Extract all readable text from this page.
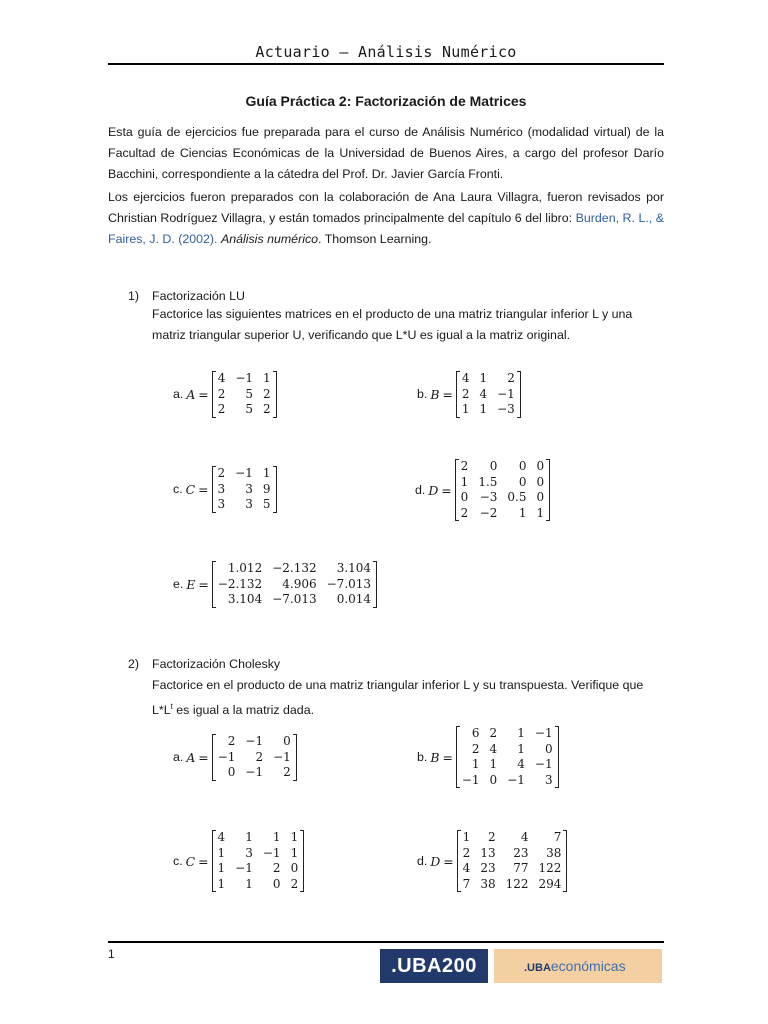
Actuario – Análisis Numérico
Guía Práctica 2: Factorización de Matrices
Esta guía de ejercicios fue preparada para el curso de Análisis Numérico (modalidad virtual) de la Facultad de Ciencias Económicas de la Universidad de Buenos Aires, a cargo del profesor Darío Bacchini, correspondiente a la cátedra del Prof. Dr. Javier García Fronti.
Los ejercicios fueron preparados con la colaboración de Ana Laura Villagra, fueron revisados por Christian Rodríguez Villagra, y están tomados principalmente del capítulo 6 del libro: Burden, R. L., & Faires, J. D. (2002). Análisis numérico. Thomson Learning.
1) Factorización LU
Factorice las siguientes matrices en el producto de una matriz triangular inferior L y una matriz triangular superior U, verificando que L*U es igual a la matriz original.
a. A =
4	−1	1
2	5	2
2	5	2
b. B =
4	1	2
2	4	−1
1	1	−3
c. C =
2	−1	1
3	3	9
3	3	5
d. D =
2	0	0	0
1	1.5	0	0
0	−3	0.5	0
2	−2	1	1
e. E =
1.012	−2.132	3.104
−2.132	4.906	−7.013
3.104	−7.013	0.014
2) Factorización Cholesky
Factorice en el producto de una matriz triangular inferior L y su transpuesta. Verifique que $L*L^t$ es igual a la matriz dada.
a. A =
2	−1	0
−1	2	−1
0	−1	2
b. B =
6	2	1	−1
2	4	1	0
1	1	4	−1
−1	0	−1	3
c. C =
4	1	1	1
1	3	−1	1
1	−1	2	0
1	1	0	2
d. D =
1	2	4	7
2	13	23	38
4	23	77	122
7	38	122	294
1
.UBA200	.UBAeconómicas
